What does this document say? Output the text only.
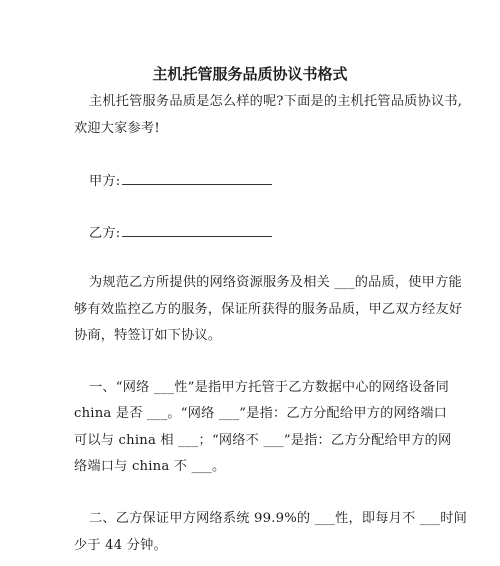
主机托管服务品质协议书格式
主机托管服务品质是怎么样的呢?下面是的主机托管品质协议书,
欢迎大家参考!
甲方:
乙方:
为规范乙方所提供的网络资源服务及相关 ___的品质，使甲方能
够有效监控乙方的服务，保证所获得的服务品质，甲乙双方经友好
协商，特签订如下协议。
一、“网络 ___性”是指甲方托管于乙方数据中心的网络设备同
china 是否 ___。“网络 ___”是指：乙方分配给甲方的网络端口
可以与 china 相 ___；“网络不 ___”是指：乙方分配给甲方的网
络端口与 china 不 ___。
二、乙方保证甲方网络系统 99.9%的 ___性，即每月不 ___时间
少于 44 分钟。
